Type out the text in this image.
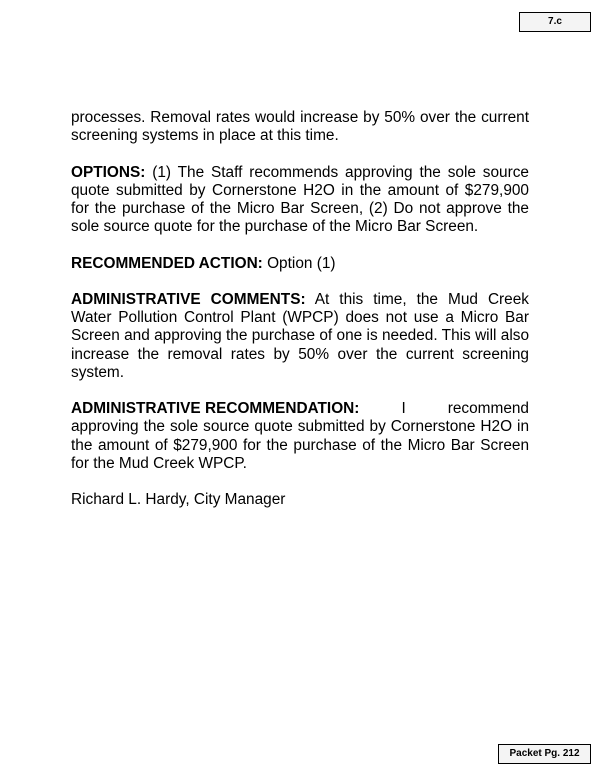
7.c

processes. Removal rates would increase by 50% over the current screening systems in place at this time.

OPTIONS: (1) The Staff recommends approving the sole source quote submitted by Cornerstone H2O in the amount of $279,900 for the purchase of the Micro Bar Screen, (2) Do not approve the sole source quote for the purchase of the Micro Bar Screen.

RECOMMENDED ACTION: Option (1)

ADMINISTRATIVE COMMENTS: At this time, the Mud Creek Water Pollution Control Plant (WPCP) does not use a Micro Bar Screen and approving the purchase of one is needed. This will also increase the removal rates by 50% over the current screening system.

ADMINISTRATIVE RECOMMENDATION:	I	recommend
approving the sole source quote submitted by Cornerstone H2O in the amount of $279,900 for the purchase of the Micro Bar Screen for the Mud Creek WPCP.

Richard L. Hardy, City Manager

Packet Pg. 212
